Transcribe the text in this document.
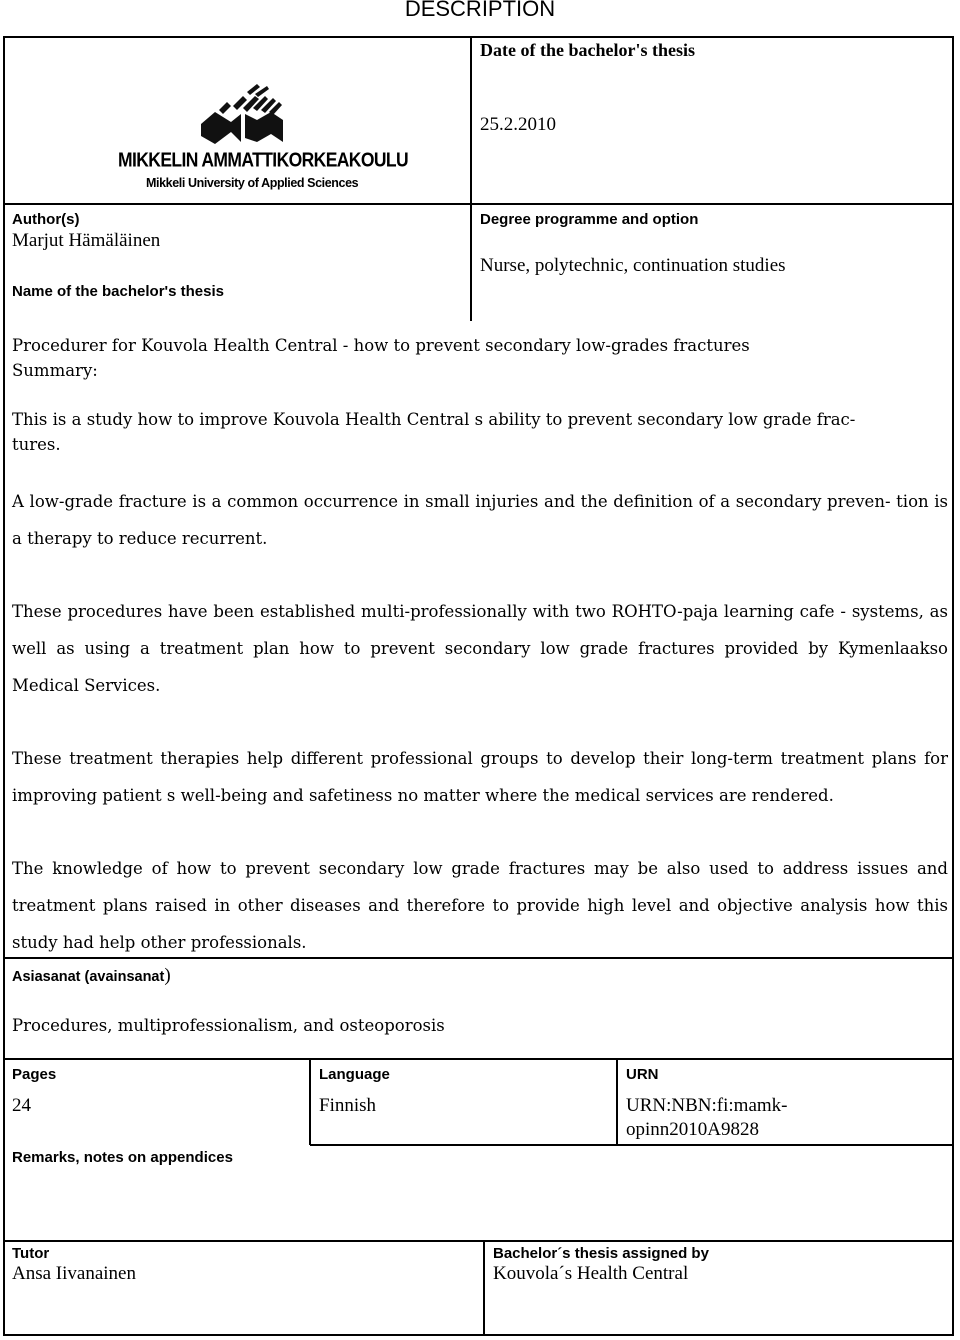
DESCRIPTION
Date of the bachelor's thesis
25.2.2010
MIKKELIN AMMATTIKORKEAKOULU
Mikkeli University of Applied Sciences
Author(s)
Marjut Hämäläinen
Degree programme and option
Nurse, polytechnic, continuation studies
Name of the bachelor's thesis
Procedurer for Kouvola Health Central - how to prevent secondary low-grades fractures
Summary:
This is a study how to improve Kouvola Health Central s ability to prevent secondary low grade frac-
tures.

A low-grade fracture is a common occurrence in small injuries and the definition of a secondary preven- tion is a therapy to reduce recurrent.

These procedures have been established multi-professionally with two ROHTO-paja learning cafe - systems, as well as using a treatment plan how to prevent secondary low grade fractures provided by Kymenlaakso Medical Services.

These treatment therapies help different professional groups to develop their long-term treatment plans for improving patient s well-being and safetiness no matter where the medical services are rendered.

The knowledge of how to prevent secondary low grade fractures may be also used to address issues and treatment plans raised in other diseases and therefore to provide high level and objective analysis how this study had help other professionals.

Asiasanat (avainsanat)
Procedures, multiprofessionalism, and osteoporosis
Pages
24
Language
Finnish
URN
URN:NBN:fi:mamk-
opinn2010A9828
Remarks, notes on appendices
Tutor
Ansa Iivanainen
Bachelor´s thesis assigned by
Kouvola´s Health Central
